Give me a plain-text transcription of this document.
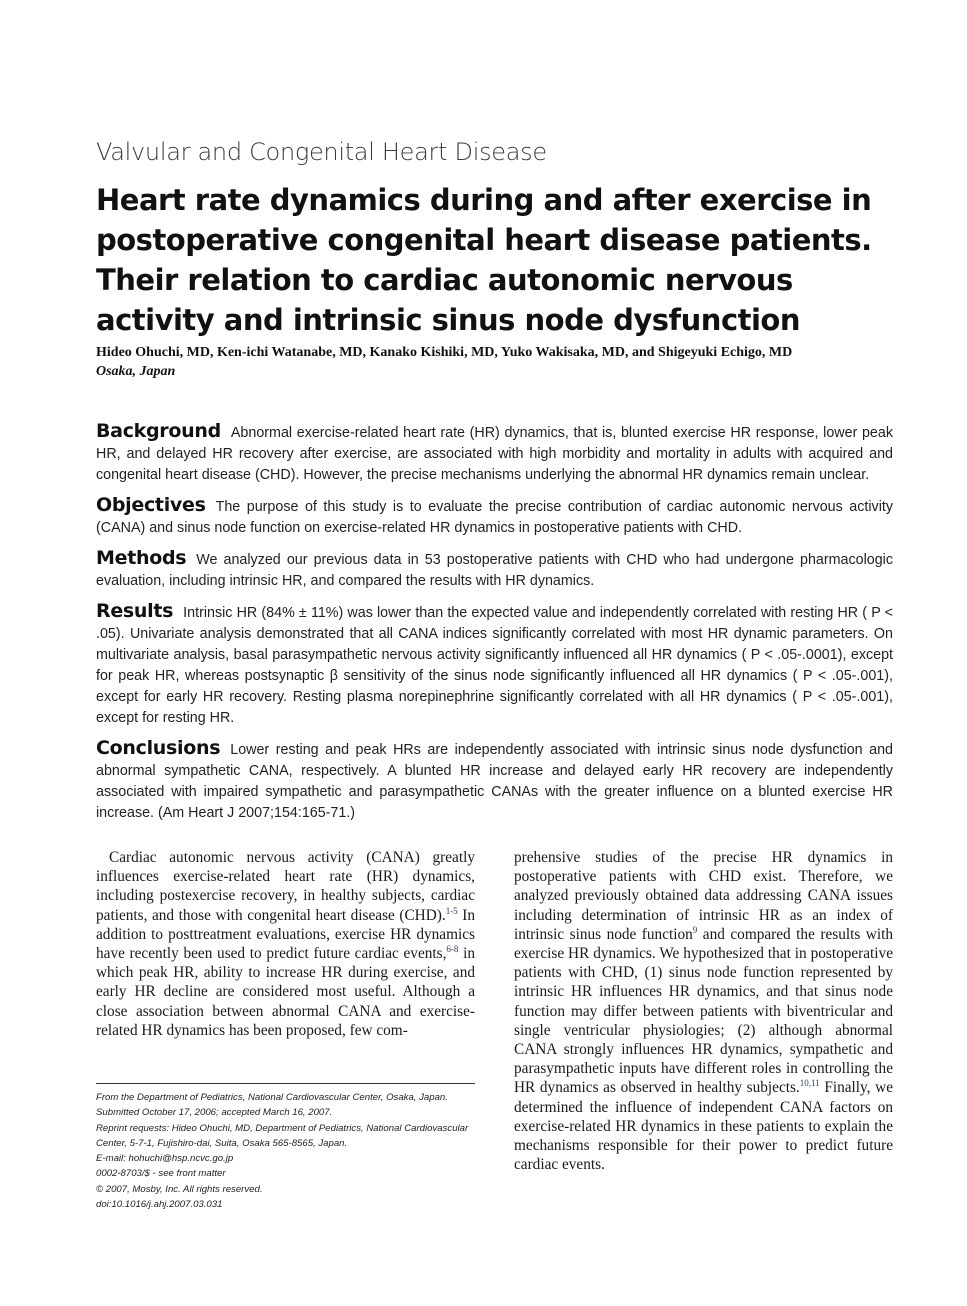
Valvular and Congenital Heart Disease
Heart rate dynamics during and after exercise in postoperative congenital heart disease patients. Their relation to cardiac autonomic nervous activity and intrinsic sinus node dysfunction
Hideo Ohuchi, MD, Ken-ichi Watanabe, MD, Kanako Kishiki, MD, Yuko Wakisaka, MD, and Shigeyuki Echigo, MD
Osaka, Japan

Background Abnormal exercise-related heart rate (HR) dynamics, that is, blunted exercise HR response, lower peak HR, and delayed HR recovery after exercise, are associated with high morbidity and mortality in adults with acquired and congenital heart disease (CHD). However, the precise mechanisms underlying the abnormal HR dynamics remain unclear.

Objectives The purpose of this study is to evaluate the precise contribution of cardiac autonomic nervous activity (CANA) and sinus node function on exercise-related HR dynamics in postoperative patients with CHD.

Methods We analyzed our previous data in 53 postoperative patients with CHD who had undergone pharmacologic evaluation, including intrinsic HR, and compared the results with HR dynamics.

Results Intrinsic HR (84% ± 11%) was lower than the expected value and independently correlated with resting HR ( P < .05). Univariate analysis demonstrated that all CANA indices significantly correlated with most HR dynamic parameters. On multivariate analysis, basal parasympathetic nervous activity significantly influenced all HR dynamics ( P < .05-.0001), except for peak HR, whereas postsynaptic β sensitivity of the sinus node significantly influenced all HR dynamics ( P < .05-.001), except for early HR recovery. Resting plasma norepinephrine significantly correlated with all HR dynamics ( P < .05-.001), except for resting HR.

Conclusions Lower resting and peak HRs are independently associated with intrinsic sinus node dysfunction and abnormal sympathetic CANA, respectively. A blunted HR increase and delayed early HR recovery are independently associated with impaired sympathetic and parasympathetic CANAs with the greater influence on a blunted exercise HR increase. (Am Heart J 2007;154:165-71.)

Cardiac autonomic nervous activity (CANA) greatly influences exercise-related heart rate (HR) dynamics, including postexercise recovery, in healthy subjects, cardiac patients, and those with congenital heart disease (CHD).$^{1-5}$ In addition to posttreatment evaluations, exercise HR dynamics have recently been used to predict future cardiac events,$^{6-8}$ in which peak HR, ability to increase HR during exercise, and early HR decline are considered most useful. Although a close association between abnormal CANA and exercise-related HR dynamics has been proposed, few com-

prehensive studies of the precise HR dynamics in postoperative patients with CHD exist. Therefore, we analyzed previously obtained data addressing CANA issues including determination of intrinsic HR as an index of intrinsic sinus node function$^9$ and compared the results with exercise HR dynamics. We hypothesized that in postoperative patients with CHD, (1) sinus node function represented by intrinsic HR influences HR dynamics, and that sinus node function may differ between patients with biventricular and single ventricular physiologies; (2) although abnormal CANA strongly influences HR dynamics, sympathetic and parasympathetic inputs have different roles in controlling the HR dynamics as observed in healthy subjects.$^{10,11}$ Finally, we determined the influence of independent CANA factors on exercise-related HR dynamics in these patients to explain the mechanisms responsible for their power to predict future cardiac events.

From the Department of Pediatrics, National Cardiovascular Center, Osaka, Japan.
Submitted October 17, 2006; accepted March 16, 2007.
Reprint requests: Hideo Ohuchi, MD, Department of Pediatrics, National Cardiovascular
Center, 5-7-1, Fujishiro-dai, Suita, Osaka 565-8565, Japan.
E-mail: hohuchi@hsp.ncvc.go.jp
0002-8703/$ - see front matter
© 2007, Mosby, Inc. All rights reserved.
doi:10.1016/j.ahj.2007.03.031
